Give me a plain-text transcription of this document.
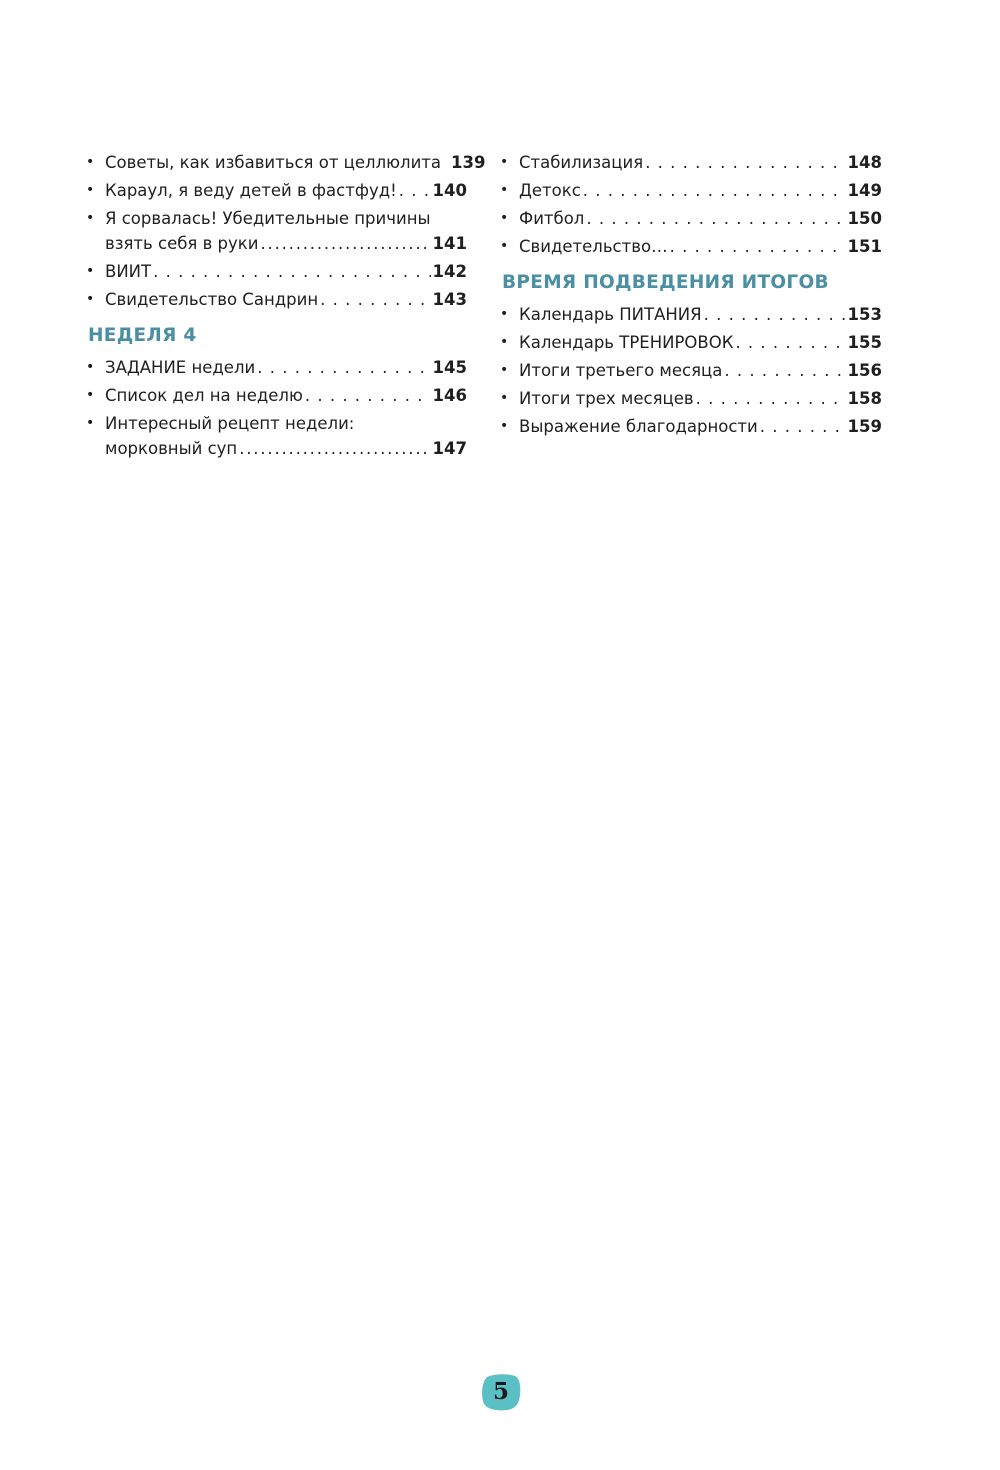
• Советы, как избавиться от целлюлита 139
• Караул, я веду детей в фастфуд! . . . 140
• Я сорвалась! Убедительные причины
взять себя в руки .....	141
• ВИИТ . . .	142
• Свидетельство Сандрин . . .	143
НЕДЕЛЯ 4
• ЗАДАНИЕ недели . . .	145
• Список дел на неделю . . .	146
• Интересный рецепт недели:
морковный суп .....	147
• Стабилизация . . .	148
• Детокс . . .	149
• Фитбол . . .	150
• Свидетельство… . . .	151
ВРЕМЯ ПОДВЕДЕНИЯ ИТОГОВ
• Календарь ПИТАНИЯ . . .	153
• Календарь ТРЕНИРОВОК . . .	155
• Итоги третьего месяца . . .	156
• Итоги трех месяцев . . .	158
• Выражение благодарности . . .	159
5
